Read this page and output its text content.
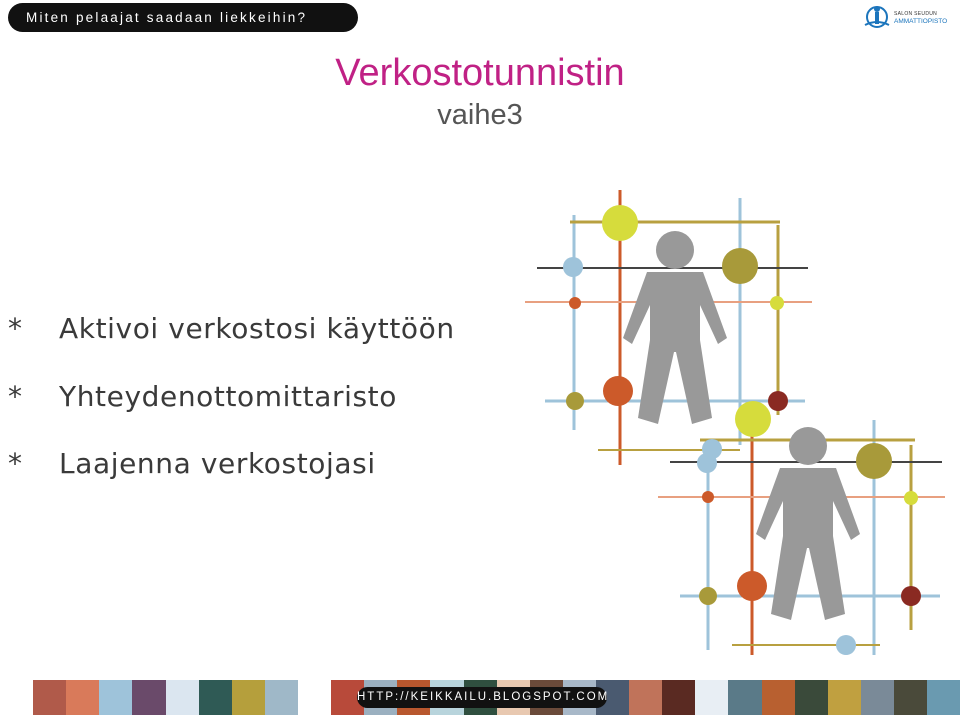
Miten pelaajat saadaan liekkeihin?	SALON SEUDUN
AMMATTIOPISTO
Verkostotunnistin
vaihe3
* Aktivoi verkostosi käyttöön
* Yhteydenottomittaristo
* Laajenna verkostojasi
HTTP://KEIKKAILU.BLOGSPOT.COM
